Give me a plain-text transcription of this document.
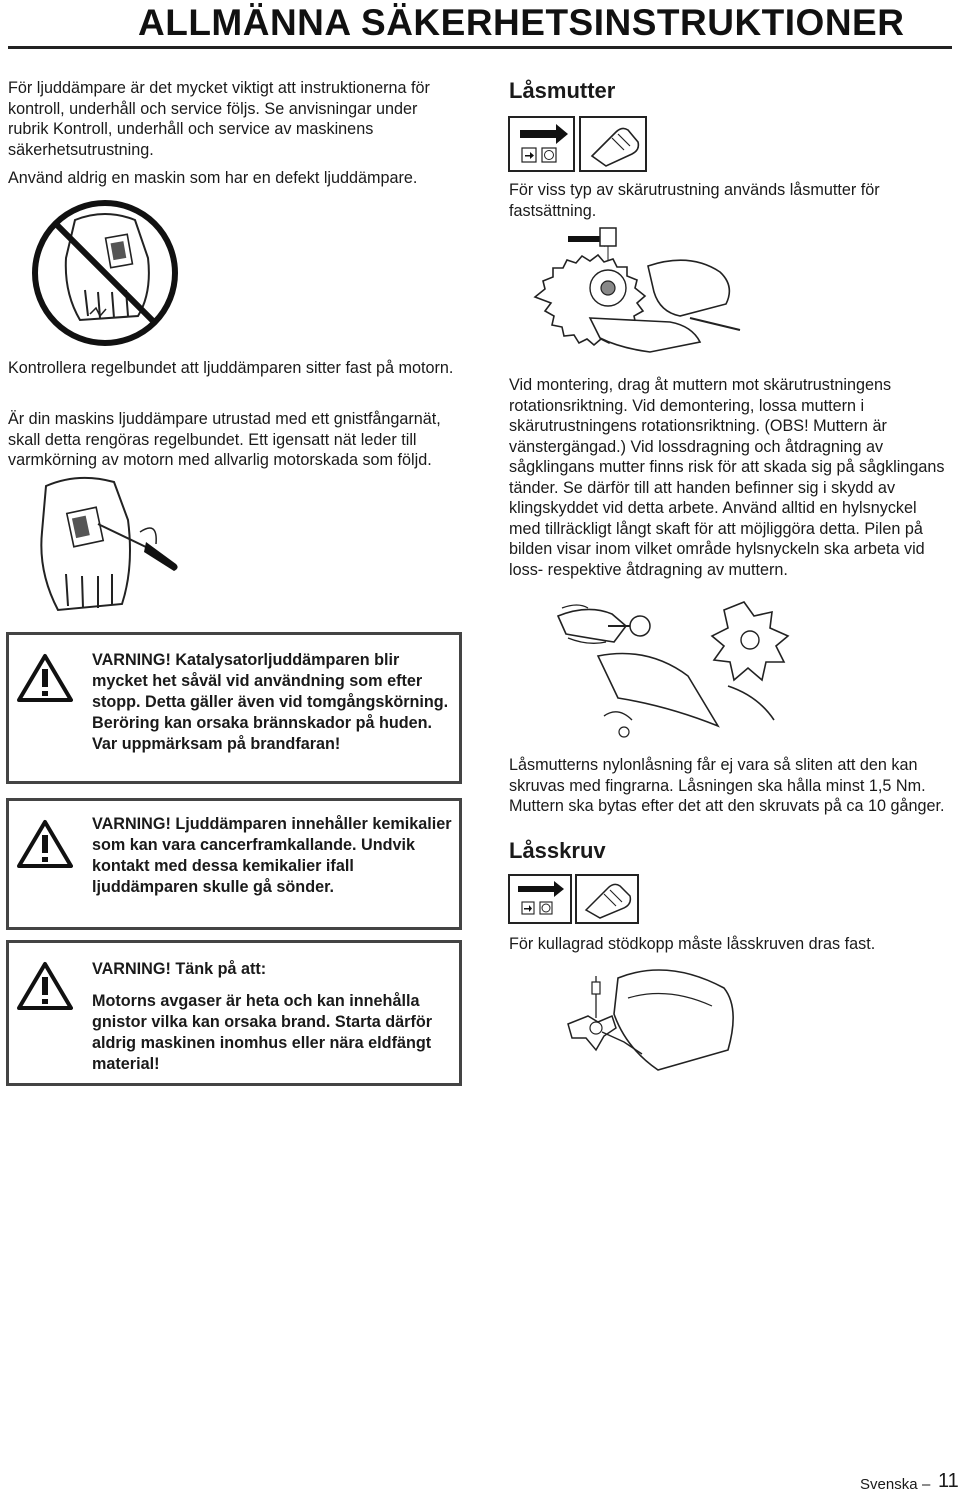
ALLMÄNNA SÄKERHETSINSTRUKTIONER

För ljuddämpare är det mycket viktigt att instruktionerna för kontroll, underhåll och service följs. Se anvisningar under rubrik Kontroll, underhåll och service av maskinens säkerhetsutrustning.

Använd aldrig en maskin som har en defekt ljuddämpare.

Kontrollera regelbundet att ljuddämparen sitter fast på motorn.

Är din maskins ljuddämpare utrustad med ett gnistfångarnät, skall detta rengöras regelbundet. Ett igensatt nät leder till varmkörning av motorn med allvarlig motorskada som följd.

VARNING! Katalysatorljuddämparen blir mycket het såväl vid användning som efter stopp. Detta gäller även vid tomgångskörning. Beröring kan orsaka brännskador på huden. Var uppmärksam på brandfaran!
VARNING! Ljuddämparen innehåller kemikalier som kan vara cancerframkallande. Undvik kontakt med dessa kemikalier ifall ljuddämparen skulle gå sönder.
VARNING! Tänk på att:
Motorns avgaser är heta och kan innehålla gnistor vilka kan orsaka brand. Starta därför aldrig maskinen inomhus eller nära eldfängt material!
Låsmutter

För viss typ av skärutrustning används låsmutter för fastsättning.

Vid montering, drag åt muttern mot skärutrustningens rotationsriktning. Vid demontering, lossa muttern i skärutrustningens rotationsriktning. (OBS! Muttern är vänstergängad.) Vid lossdragning och åtdragning av sågklingans mutter finns risk för att skada sig på sågklingans tänder. Se därför till att handen befinner sig i skydd av klingskyddet vid detta arbete. Använd alltid en hylsnyckel med tillräckligt långt skaft för att möjliggöra detta. Pilen på bilden visar inom vilket område hylsnyckeln ska arbeta vid loss- respektive åtdragning av muttern.

Låsmutterns nylonlåsning får ej vara så sliten att den kan skruvas med fingrarna. Låsningen ska hålla minst 1,5 Nm. Muttern ska bytas efter det att den skruvats på ca 10 gånger.

Låsskruv

För kullagrad stödkopp måste låsskruven dras fast.

Svenska – 11
